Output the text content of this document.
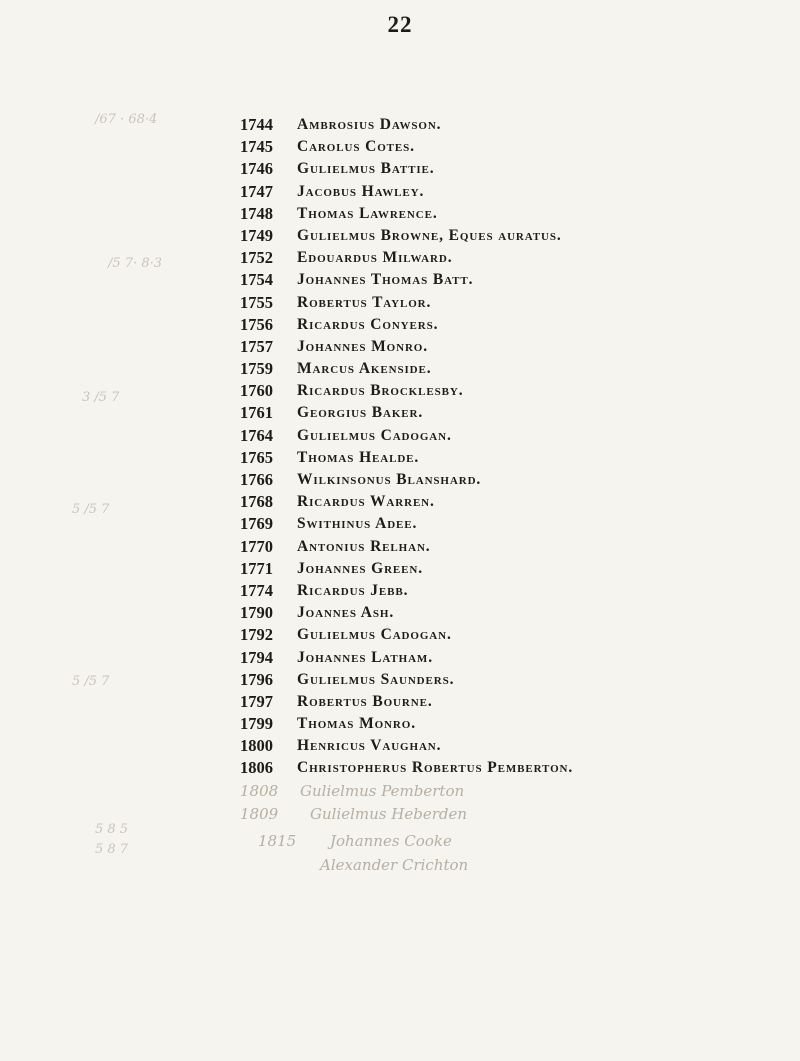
22
/67 · 68·4
/5 7· 8·3
3 /5 7
5 /5 7
5 /5 7
5 8 5
5 8 7
1744 Ambrosius Dawson.
1745 Carolus Cotes.
1746 Gulielmus Battie.
1747 Jacobus Hawley.
1748 Thomas Lawrence.
1749 Gulielmus Browne, Eques auratus.
1752 Edouardus Milward.
1754 Johannes Thomas Batt.
1755 Robertus Taylor.
1756 Ricardus Conyers.
1757 Johannes Monro.
1759 Marcus Akenside.
1760 Ricardus Brocklesby.
1761 Georgius Baker.
1764 Gulielmus Cadogan.
1765 Thomas Healde.
1766 Wilkinsonus Blanshard.
1768 Ricardus Warren.
1769 Swithinus Adee.
1770 Antonius Relhan.
1771 Johannes Green.
1774 Ricardus Jebb.
1790 Joannes Ash.
1792 Gulielmus Cadogan.
1794 Johannes Latham.
1796 Gulielmus Saunders.
1797 Robertus Bourne.
1799 Thomas Monro.
1800 Henricus Vaughan.
1806 Christopherus Robertus Pemberton.
1808 Gulielmus Pemberton
1809 Gulielmus Heberden
1815 Johannes Cooke
Alexander Crichton
